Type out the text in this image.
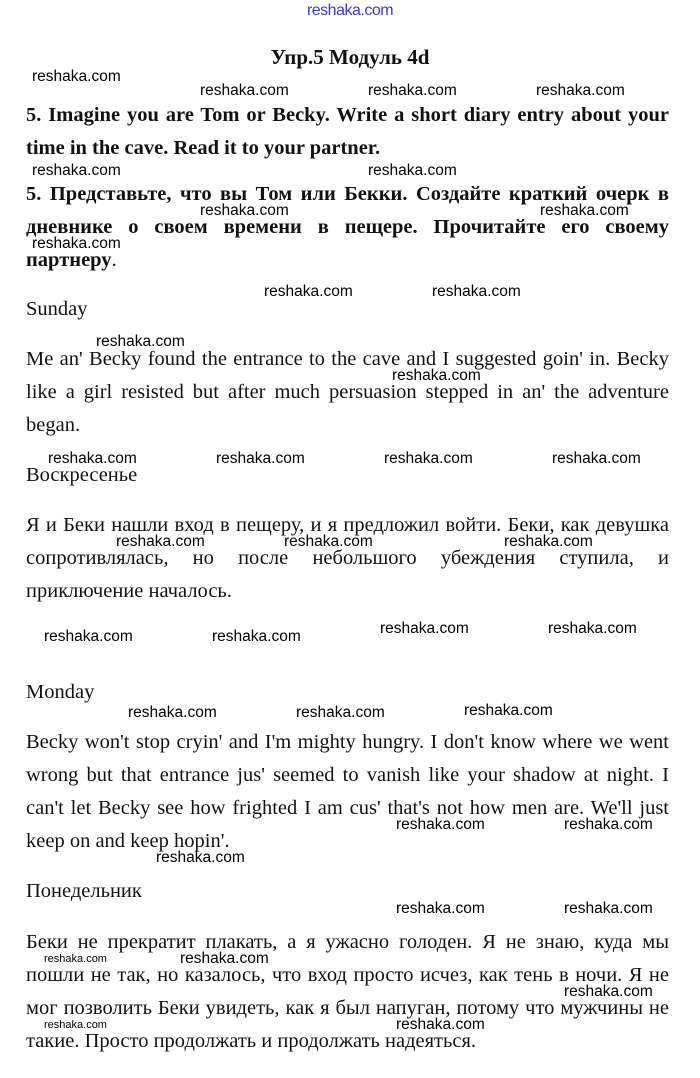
reshaka.com
Упр.5 Модуль 4d
5. Imagine you are Tom or Becky. Write a short diary entry about your time in the cave. Read it to your partner.
5. Представьте, что вы Том или Бекки. Создайте краткий очерк в дневнике о своем времени в пещере. Прочитайте его своему партнеру.
Sunday
Me an' Becky found the entrance to the cave and I suggested goin' in. Becky like a girl resisted but after much persuasion stepped in an' the adventure began.
Воскресенье
Я и Беки нашли вход в пещеру, и я предложил войти. Беки, как девушка сопротивлялась, но после небольшого убеждения ступила, и приключение началось.
Monday
Becky won't stop cryin' and I'm mighty hungry. I don't know where we went wrong but that entrance jus' seemed to vanish like your shadow at night. I can't let Becky see how frighted I am cus' that's not how men are. We'll just keep on and keep hopin'.
Понедельник
Беки не прекратит плакать, а я ужасно голоден. Я не знаю, куда мы пошли не так, но казалось, что вход просто исчез, как тень в ночи. Я не мог позволить Беки увидеть, как я был напуган, потому что мужчины не такие. Просто продолжать и продолжать надеяться.
reshaka.com
reshaka.com	reshaka.com	reshaka.com
reshaka.com	reshaka.com
reshaka.com	reshaka.com
reshaka.com
reshaka.com	reshaka.com
reshaka.com
reshaka.com
reshaka.com	reshaka.com	reshaka.com	reshaka.com
reshaka.com	reshaka.com	reshaka.com
reshaka.com	reshaka.com	reshaka.com	reshaka.com
reshaka.com	reshaka.com	reshaka.com
reshaka.com	reshaka.com
reshaka.com
reshaka.com	reshaka.com
reshaka.com	reshaka.com
reshaka.com
reshaka.com	reshaka.com
